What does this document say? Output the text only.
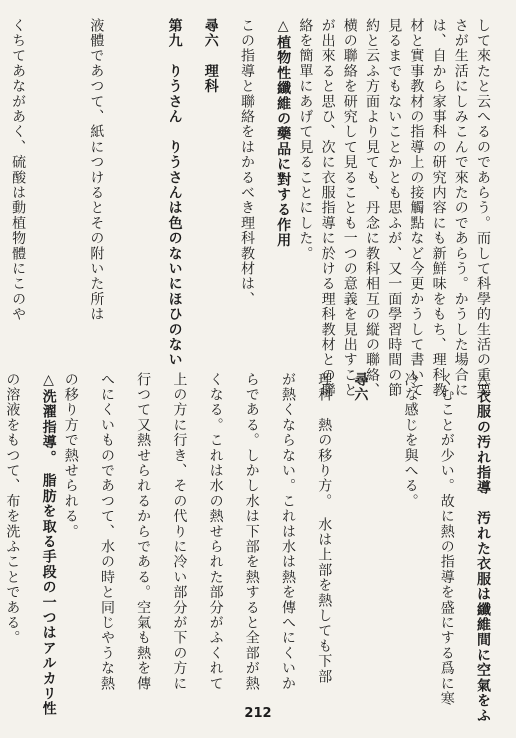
して來たと云へるのであらう。而して科學的生活の重要
さが生活にしみこんで來たのであらう。かうした場合に
は、自から家事科の研究内容にも新鮮味をもち、理科教
材と實事教材の指導上の接觸點など今更かうして書いて
見るまでもないことかとも思ふが、又一面學習時間の節
約と云ふ方面より見ても、丹念に教科相互の縦の聯絡、
横の聯絡を研究して見ることも一つの意義を見出すこと
が出來ると思ひ、次に衣服指導に於ける理科教材との聯
絡を簡單にあげて見ることにした。
△植物性纖維の藥品に對する作用
この指導と聯絡をはかるべき理科教材は、
尋六　理科
第九　りうさん　りうさんは色のないにほひのない
液體であつて、紙につけるとその附いた所は
くちてあながあく、硫酸は動植物體にこのや
△衣服の汚れ指導　汚れた衣服は纖維間に空氣をふ
くむことが少い。故に熱の指導を盛にする爲に寒
冷な感じを與へる。
尋六
理科　熱の移り方。　水は上部を熱しても下部
が熱くならない。これは水は熱を傳へにくいか
らである。しかし水は下部を熱すると全部が熱
くなる。これは水の熱せられた部分がふくれて
上の方に行き、その代りに冷い部分が下の方に
行つて又熱せられるからである。空氣も熱を傳
へにくいものであつて、水の時と同じやうな熱
の移り方で熱せられる。
△洗濯指導。　脂肪を取る手段の一つはアルカリ性
の溶液をもつて、布を洗ふことである。
212
